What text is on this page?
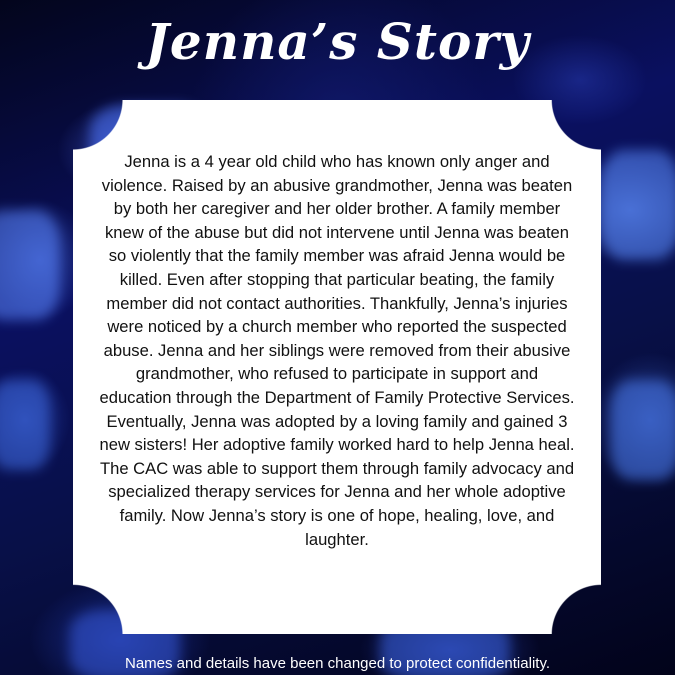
Jenna’s Story

Jenna is a 4 year old child who has known only anger and violence. Raised by an abusive grandmother, Jenna was beaten by both her caregiver and her older brother. A family member knew of the abuse but did not intervene until Jenna was beaten so violently that the family member was afraid Jenna would be killed. Even after stopping that particular beating, the family member did not contact authorities. Thankfully, Jenna’s injuries were noticed by a church member who reported the suspected abuse. Jenna and her siblings were removed from their abusive grandmother, who refused to participate in support and education through the Department of Family Protective Services. Eventually, Jenna was adopted by a loving family and gained 3 new sisters! Her adoptive family worked hard to help Jenna heal. The CAC was able to support them through family advocacy and specialized therapy services for Jenna and her whole adoptive family. Now Jenna’s story is one of hope, healing, love, and laughter.

Names and details have been changed to protect confidentiality.
